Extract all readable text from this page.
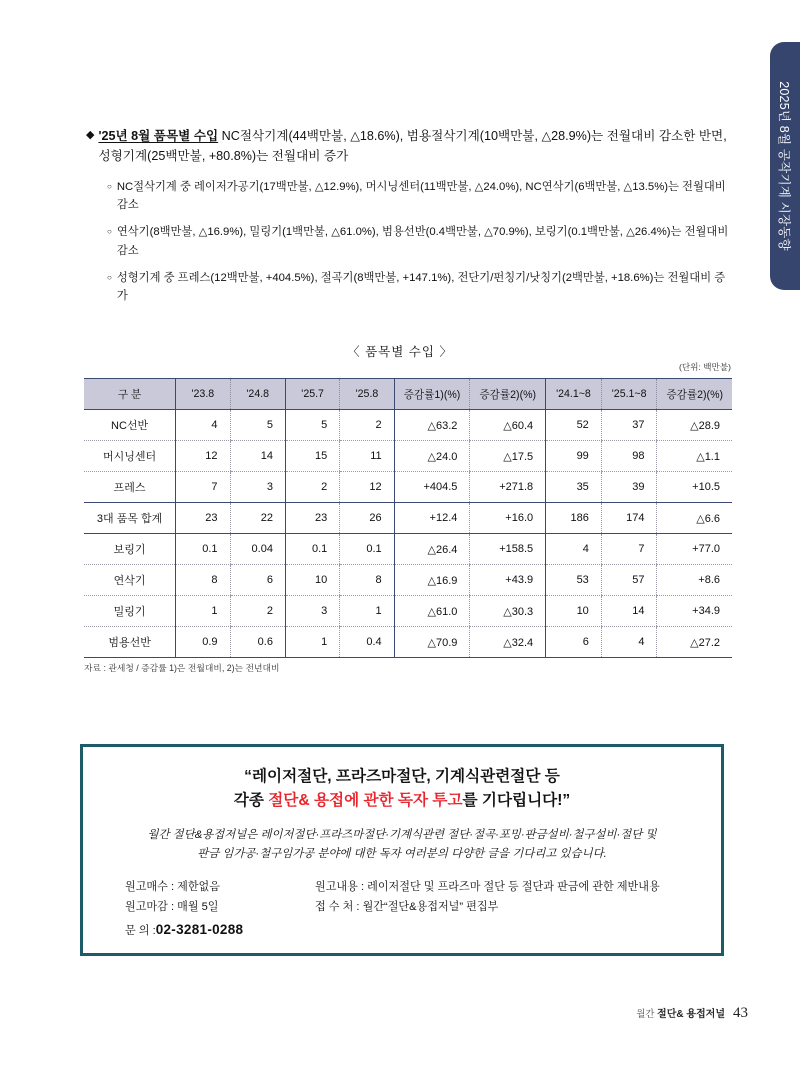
2025년 8월 공작기계 시장동향
◆ '25년 8월 품목별 수입 NC절삭기계(44백만불, △18.6%), 범용절삭기계(10백만불, △28.9%)는 전월대비 감소한 반면, 성형기계(25백만불, +80.8%)는 전월대비 증가
○ NC절삭기계 중 레이저가공기(17백만불, △12.9%), 머시닝센터(11백만불, △24.0%), NC연삭기(6백만불, △13.5%)는 전월대비 감소
○ 연삭기(8백만불, △16.9%), 밀링기(1백만불, △61.0%), 범용선반(0.4백만불, △70.9%), 보링기(0.1백만불, △26.4%)는 전월대비 감소
○ 성형기계 중 프레스(12백만불, +404.5%), 절곡기(8백만불, +147.1%), 전단기/펀칭기/낫칭기(2백만불, +18.6%)는 전월대비 증가
〈 품목별 수입 〉
(단위: 백만불)
구 분	'23.8	'24.8	'25.7	'25.8	증감률1)(%)	증감률2)(%)	'24.1~8	'25.1~8	증감률2)(%)
NC선반	4	5	5	2	△63.2	△60.4	52	37	△28.9
머시닝센터	12	14	15	11	△24.0	△17.5	99	98	△1.1
프레스	7	3	2	12	+404.5	+271.8	35	39	+10.5
3대 품목 합계	23	22	23	26	+12.4	+16.0	186	174	△6.6
보링기	0.1	0.04	0.1	0.1	△26.4	+158.5	4	7	+77.0
연삭기	8	6	10	8	△16.9	+43.9	53	57	+8.6
밀링기	1	2	3	1	△61.0	△30.3	10	14	+34.9
범용선반	0.9	0.6	1	0.4	△70.9	△32.4	6	4	△27.2
자료 : 관세청 / 증감률 1)은 전월대비, 2)는 전년대비
“레이저절단, 프라즈마절단, 기계식관련절단 등
각종 절단& 용접에 관한 독자 투고를 기다립니다!”
월간 절단&용접저널은 레이저절단·프라즈마절단·기계식관련 절단·절곡·포밍·판금설비·철구설비·절단 및
판금 임가공·철구임가공 분야에 대한 독자 여러분의 다양한 글을 기다리고 있습니다.
원고매수 : 제한없음
원고마감 : 매월 5일
문 의 :02-3281-0288
원고내용 : 레이저절단 및 프라즈마 절단 등 절단과 판금에 관한 제반내용
접 수 처 : 월간“절단&용접저널” 편집부
월간 절단& 용접저널 43
